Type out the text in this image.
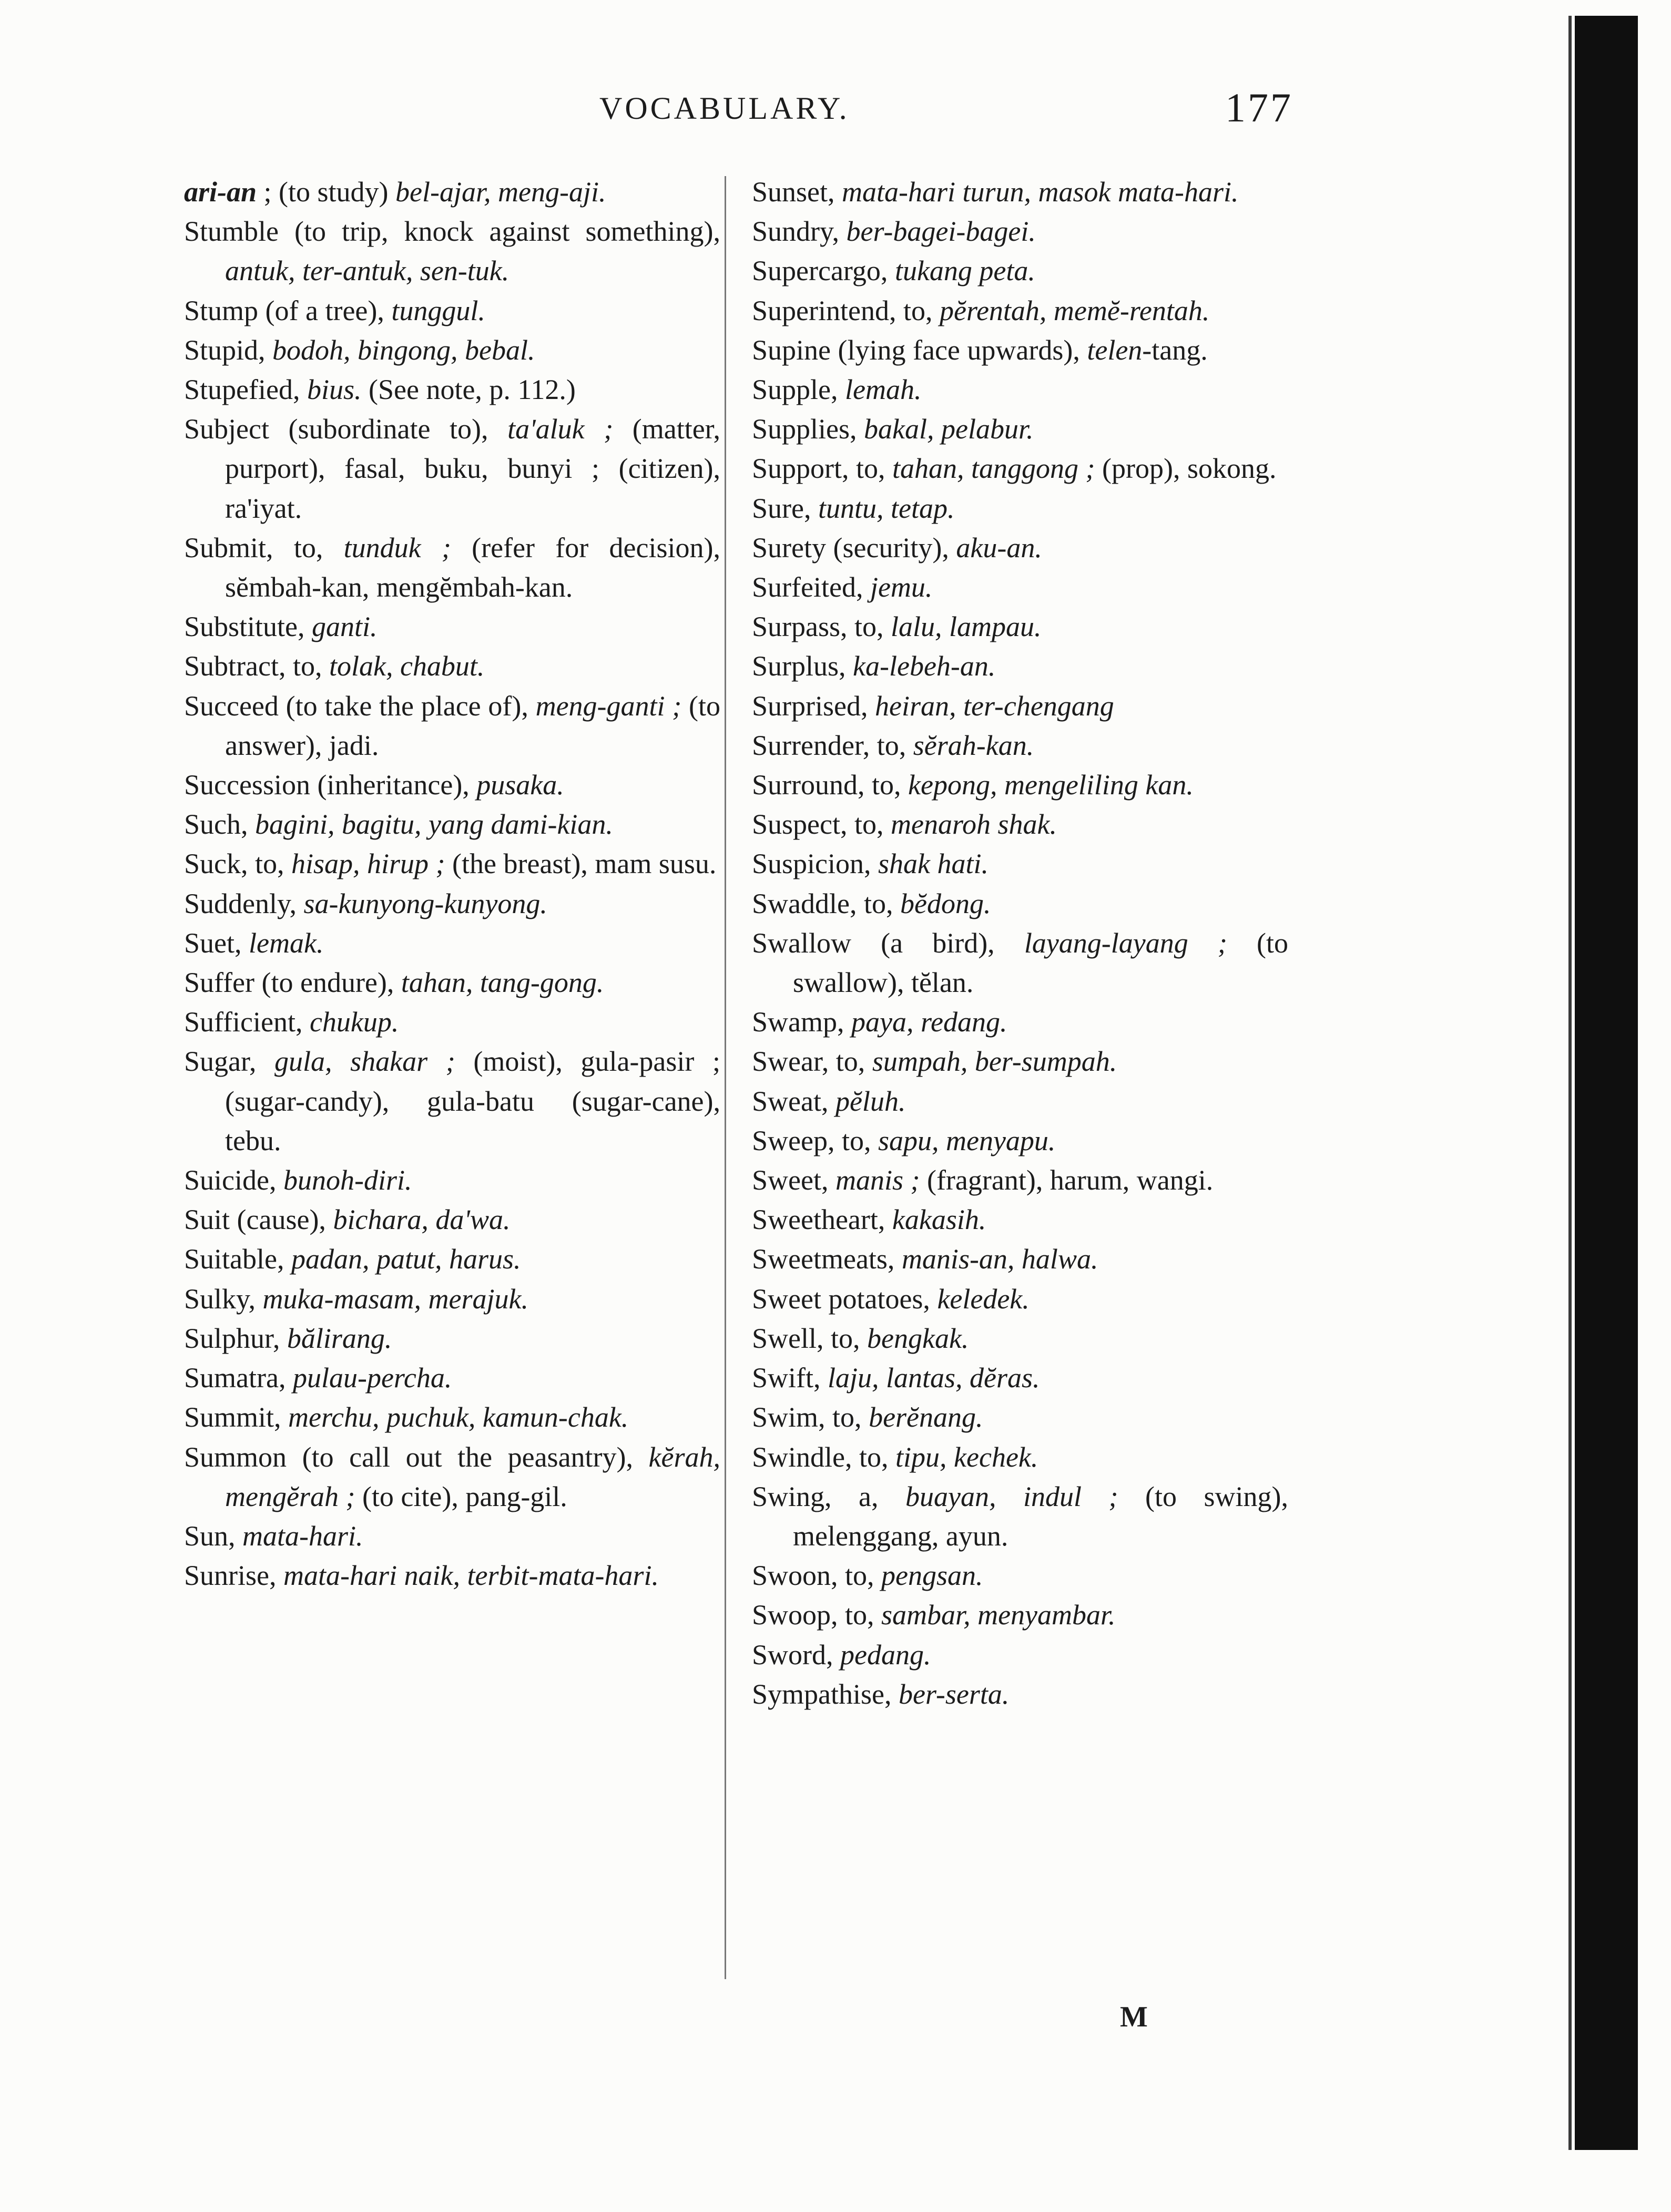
VOCABULARY.	177
ari-an ; (to study) bel-ajar, meng-aji.
Stumble (to trip, knock against something), antuk, ter-antuk, sen-tuk.
Stump (of a tree), tunggul.
Stupid, bodoh, bingong, bebal.
Stupefied, bius. (See note, p. 112.)
Subject (subordinate to), ta'aluk ; (matter, purport), fasal, buku, bunyi ; (citizen), ra'iyat.
Submit, to, tunduk ; (refer for decision), sĕmbah-kan, mengĕmbah-kan.
Substitute, ganti.
Subtract, to, tolak, chabut.
Succeed (to take the place of), meng-ganti ; (to answer), jadi.
Succession (inheritance), pusaka.
Such, bagini, bagitu, yang dami-kian.
Suck, to, hisap, hirup ; (the breast), mam susu.
Suddenly, sa-kunyong-kunyong.
Suet, lemak.
Suffer (to endure), tahan, tang-gong.
Sufficient, chukup.
Sugar, gula, shakar ; (moist), gula-pasir ; (sugar-candy), gula-batu (sugar-cane), tebu.
Suicide, bunoh-diri.
Suit (cause), bichara, da'wa.
Suitable, padan, patut, harus.
Sulky, muka-masam, merajuk.
Sulphur, bălirang.
Sumatra, pulau-percha.
Summit, merchu, puchuk, kamun-chak.
Summon (to call out the peasantry), kĕrah, mengĕrah ; (to cite), pang-gil.
Sun, mata-hari.
Sunrise, mata-hari naik, terbit-mata-hari.
Sunset, mata-hari turun, masok mata-hari.
Sundry, ber-bagei-bagei.
Supercargo, tukang peta.
Superintend, to, pĕrentah, memĕ-rentah.
Supine (lying face upwards), telen-tang.
Supple, lemah.
Supplies, bakal, pelabur.
Support, to, tahan, tanggong ; (prop), sokong.
Sure, tuntu, tetap.
Surety (security), aku-an.
Surfeited, jemu.
Surpass, to, lalu, lampau.
Surplus, ka-lebeh-an.
Surprised, heiran, ter-chengang
Surrender, to, sĕrah-kan.
Surround, to, kepong, mengeliling kan.
Suspect, to, menaroh shak.
Suspicion, shak hati.
Swaddle, to, bĕdong.
Swallow (a bird), layang-layang ; (to swallow), tĕlan.
Swamp, paya, redang.
Swear, to, sumpah, ber-sumpah.
Sweat, pĕluh.
Sweep, to, sapu, menyapu.
Sweet, manis ; (fragrant), harum, wangi.
Sweetheart, kakasih.
Sweetmeats, manis-an, halwa.
Sweet potatoes, keledek.
Swell, to, bengkak.
Swift, laju, lantas, dĕras.
Swim, to, berĕnang.
Swindle, to, tipu, kechek.
Swing, a, buayan, indul ; (to swing), melenggang, ayun.
Swoon, to, pengsan.
Swoop, to, sambar, menyambar.
Sword, pedang.
Sympathise, ber-serta.
M
